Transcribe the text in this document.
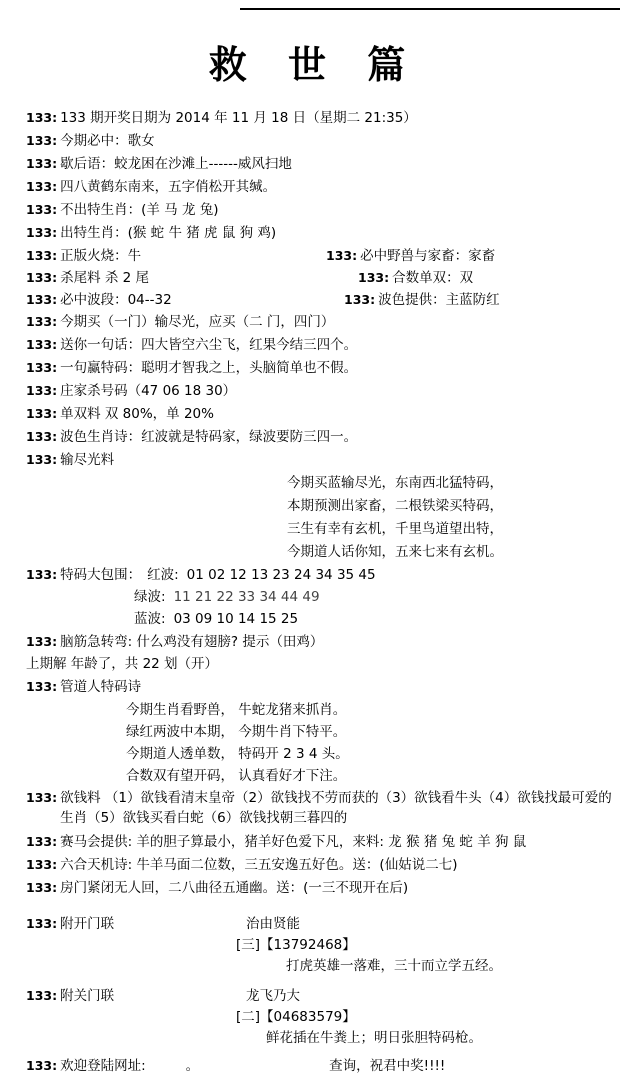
救 世 篇
133: 133 期开奖日期为 2014 年 11 月 18 日（星期二 21:35）
133: 今期必中：歌女
133: 歇后语：蛟龙困在沙滩上------威风扫地
133: 四八黄鹤东南来，五字俏松开其缄。
133: 不出特生肖：(羊 马 龙 兔)
133: 出特生肖：(猴 蛇 牛 猪 虎 鼠 狗 鸡)
133: 正版火烧：牛	133: 必中野兽与家畜：家畜
133: 杀尾料 杀 2 尾	133: 合数单双：双
133: 必中波段：04--32	133: 波色提供：主蓝防红
133: 今期买（一门）输尽光，应买（二 门，四门）
133: 送你一句话：四大皆空六尘飞，红果今结三四个。
133: 一句赢特码：聪明才智我之上，头脑简单也不假。
133: 庄家杀号码（47 06 18 30）
133: 单双料 双 80%，单 20%
133: 波色生肖诗：红波就是特码家，绿波要防三四一。
133: 输尽光料
今期买蓝输尽光，东南西北猛特码，
本期预测出家畜，二根铁梁买特码，
三生有幸有玄机，千里鸟道望出特，
今期道人话你知，五来七来有玄机。
133: 特码大包围： 红波: 01 02 12 13 23 24 34 35 45
绿波: 11 21 22 33 34 44 49
蓝波: 03 09 10 14 15 25
133: 脑筋急转弯: 什么鸡没有翅膀? 提示（田鸡）
上期解 年龄了，共 22 划（开）
133: 管道人特码诗
今期生肖看野兽， 牛蛇龙猪来抓肖。
绿红两波中本期， 今期牛肖下特平。
今期道人透单数， 特码开 2 3 4 头。
合数双有望开码， 认真看好才下注。
133: 欲钱料 （1）欲钱看清末皇帝（2）欲钱找不劳而获的（3）欲钱看牛头（4）欲钱找最可爱的生肖（5）欲钱买看白蛇（6）欲钱找朝三暮四的
133: 赛马会提供: 羊的胆子算最小，猪羊好色爱下凡，来料: 龙 猴 猪 兔 蛇 羊 狗 鼠
133: 六合天机诗: 牛羊马面二位数，三五安逸五好色。送：(仙姑说二七)
133: 房门紧闭无人回，二八曲径五通幽。送：(一三不现开在后)
133: 附 开门联	治由贤能
[三]【13792468】
打虎英雄一落难，三十而立学五经。
133: 附 关门联	龙飞乃大
[二]【04683579】
鲜花插在牛粪上；明日张胆特码枪。
133: 欢迎登陆网址:	。	查询，祝君中奖!!!!
